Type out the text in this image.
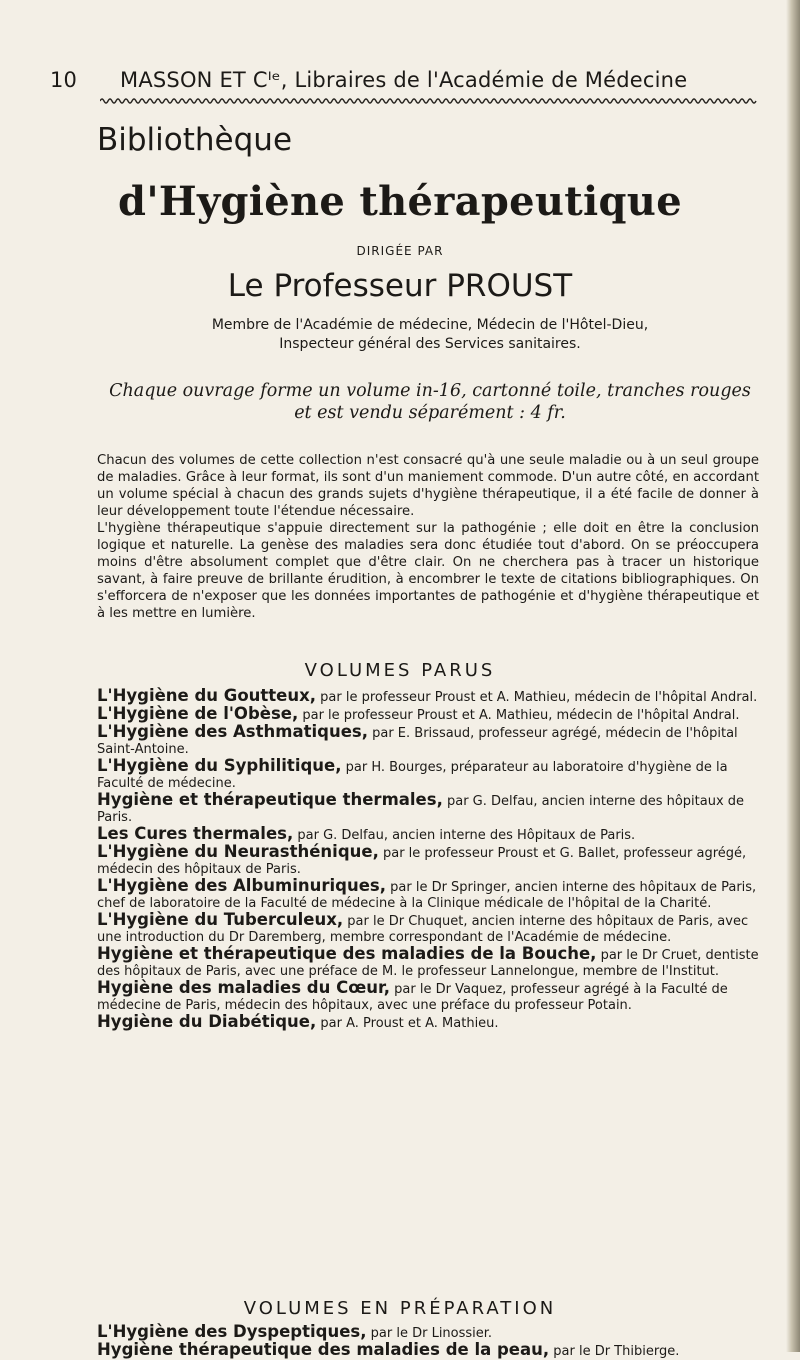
10 MASSON ET Cᴵᵉ, Libraires de l'Académie de Médecine
Bibliothèque
d'Hygiène thérapeutique
DIRIGÉE PAR
Le Professeur PROUST
Membre de l'Académie de médecine, Médecin de l'Hôtel-Dieu,
Inspecteur général des Services sanitaires.
Chaque ouvrage forme un volume in-16, cartonné toile, tranches rouges
et est vendu séparément : 4 fr.

Chacun des volumes de cette collection n'est consacré qu'à une seule maladie ou à un seul groupe de maladies. Grâce à leur format, ils sont d'un maniement commode. D'un autre côté, en accordant un volume spécial à chacun des grands sujets d'hygiène thérapeutique, il a été facile de donner à leur développement toute l'étendue nécessaire.

L'hygiène thérapeutique s'appuie directement sur la pathogénie ; elle doit en être la conclusion logique et naturelle. La genèse des maladies sera donc étudiée tout d'abord. On se préoccupera moins d'être absolument complet que d'être clair. On ne cherchera pas à tracer un historique savant, à faire preuve de brillante érudition, à encombrer le texte de citations bibliographiques. On s'efforcera de n'exposer que les données importantes de pathogénie et d'hygiène thérapeutique et à les mettre en lumière.

VOLUMES PARUS

L'Hygiène du Goutteux, par le professeur Proust et A. Mathieu, médecin de l'hôpital Andral.

L'Hygiène de l'Obèse, par le professeur Proust et A. Mathieu, médecin de l'hôpital Andral.

L'Hygiène des Asthmatiques, par E. Brissaud, professeur agrégé, médecin de l'hôpital Saint-Antoine.

L'Hygiène du Syphilitique, par H. Bourges, préparateur au laboratoire d'hygiène de la Faculté de médecine.

Hygiène et thérapeutique thermales, par G. Delfau, ancien interne des hôpitaux de Paris.

Les Cures thermales, par G. Delfau, ancien interne des Hôpitaux de Paris.

L'Hygiène du Neurasthénique, par le professeur Proust et G. Ballet, professeur agrégé, médecin des hôpitaux de Paris.

L'Hygiène des Albuminuriques, par le Dr Springer, ancien interne des hôpitaux de Paris, chef de laboratoire de la Faculté de médecine à la Clinique médicale de l'hôpital de la Charité.

L'Hygiène du Tuberculeux, par le Dr Chuquet, ancien interne des hôpitaux de Paris, avec une introduction du Dr Daremberg, membre correspondant de l'Académie de médecine.

Hygiène et thérapeutique des maladies de la Bouche, par le Dr Cruet, dentiste des hôpitaux de Paris, avec une préface de M. le professeur Lannelongue, membre de l'Institut.

Hygiène des maladies du Cœur, par le Dr Vaquez, professeur agrégé à la Faculté de médecine de Paris, médecin des hôpitaux, avec une préface du professeur Potain.

Hygiène du Diabétique, par A. Proust et A. Mathieu.

VOLUMES EN PRÉPARATION

L'Hygiène des Dyspeptiques, par le Dr Linossier.

Hygiène thérapeutique des maladies de la peau, par le Dr Thibierge.
